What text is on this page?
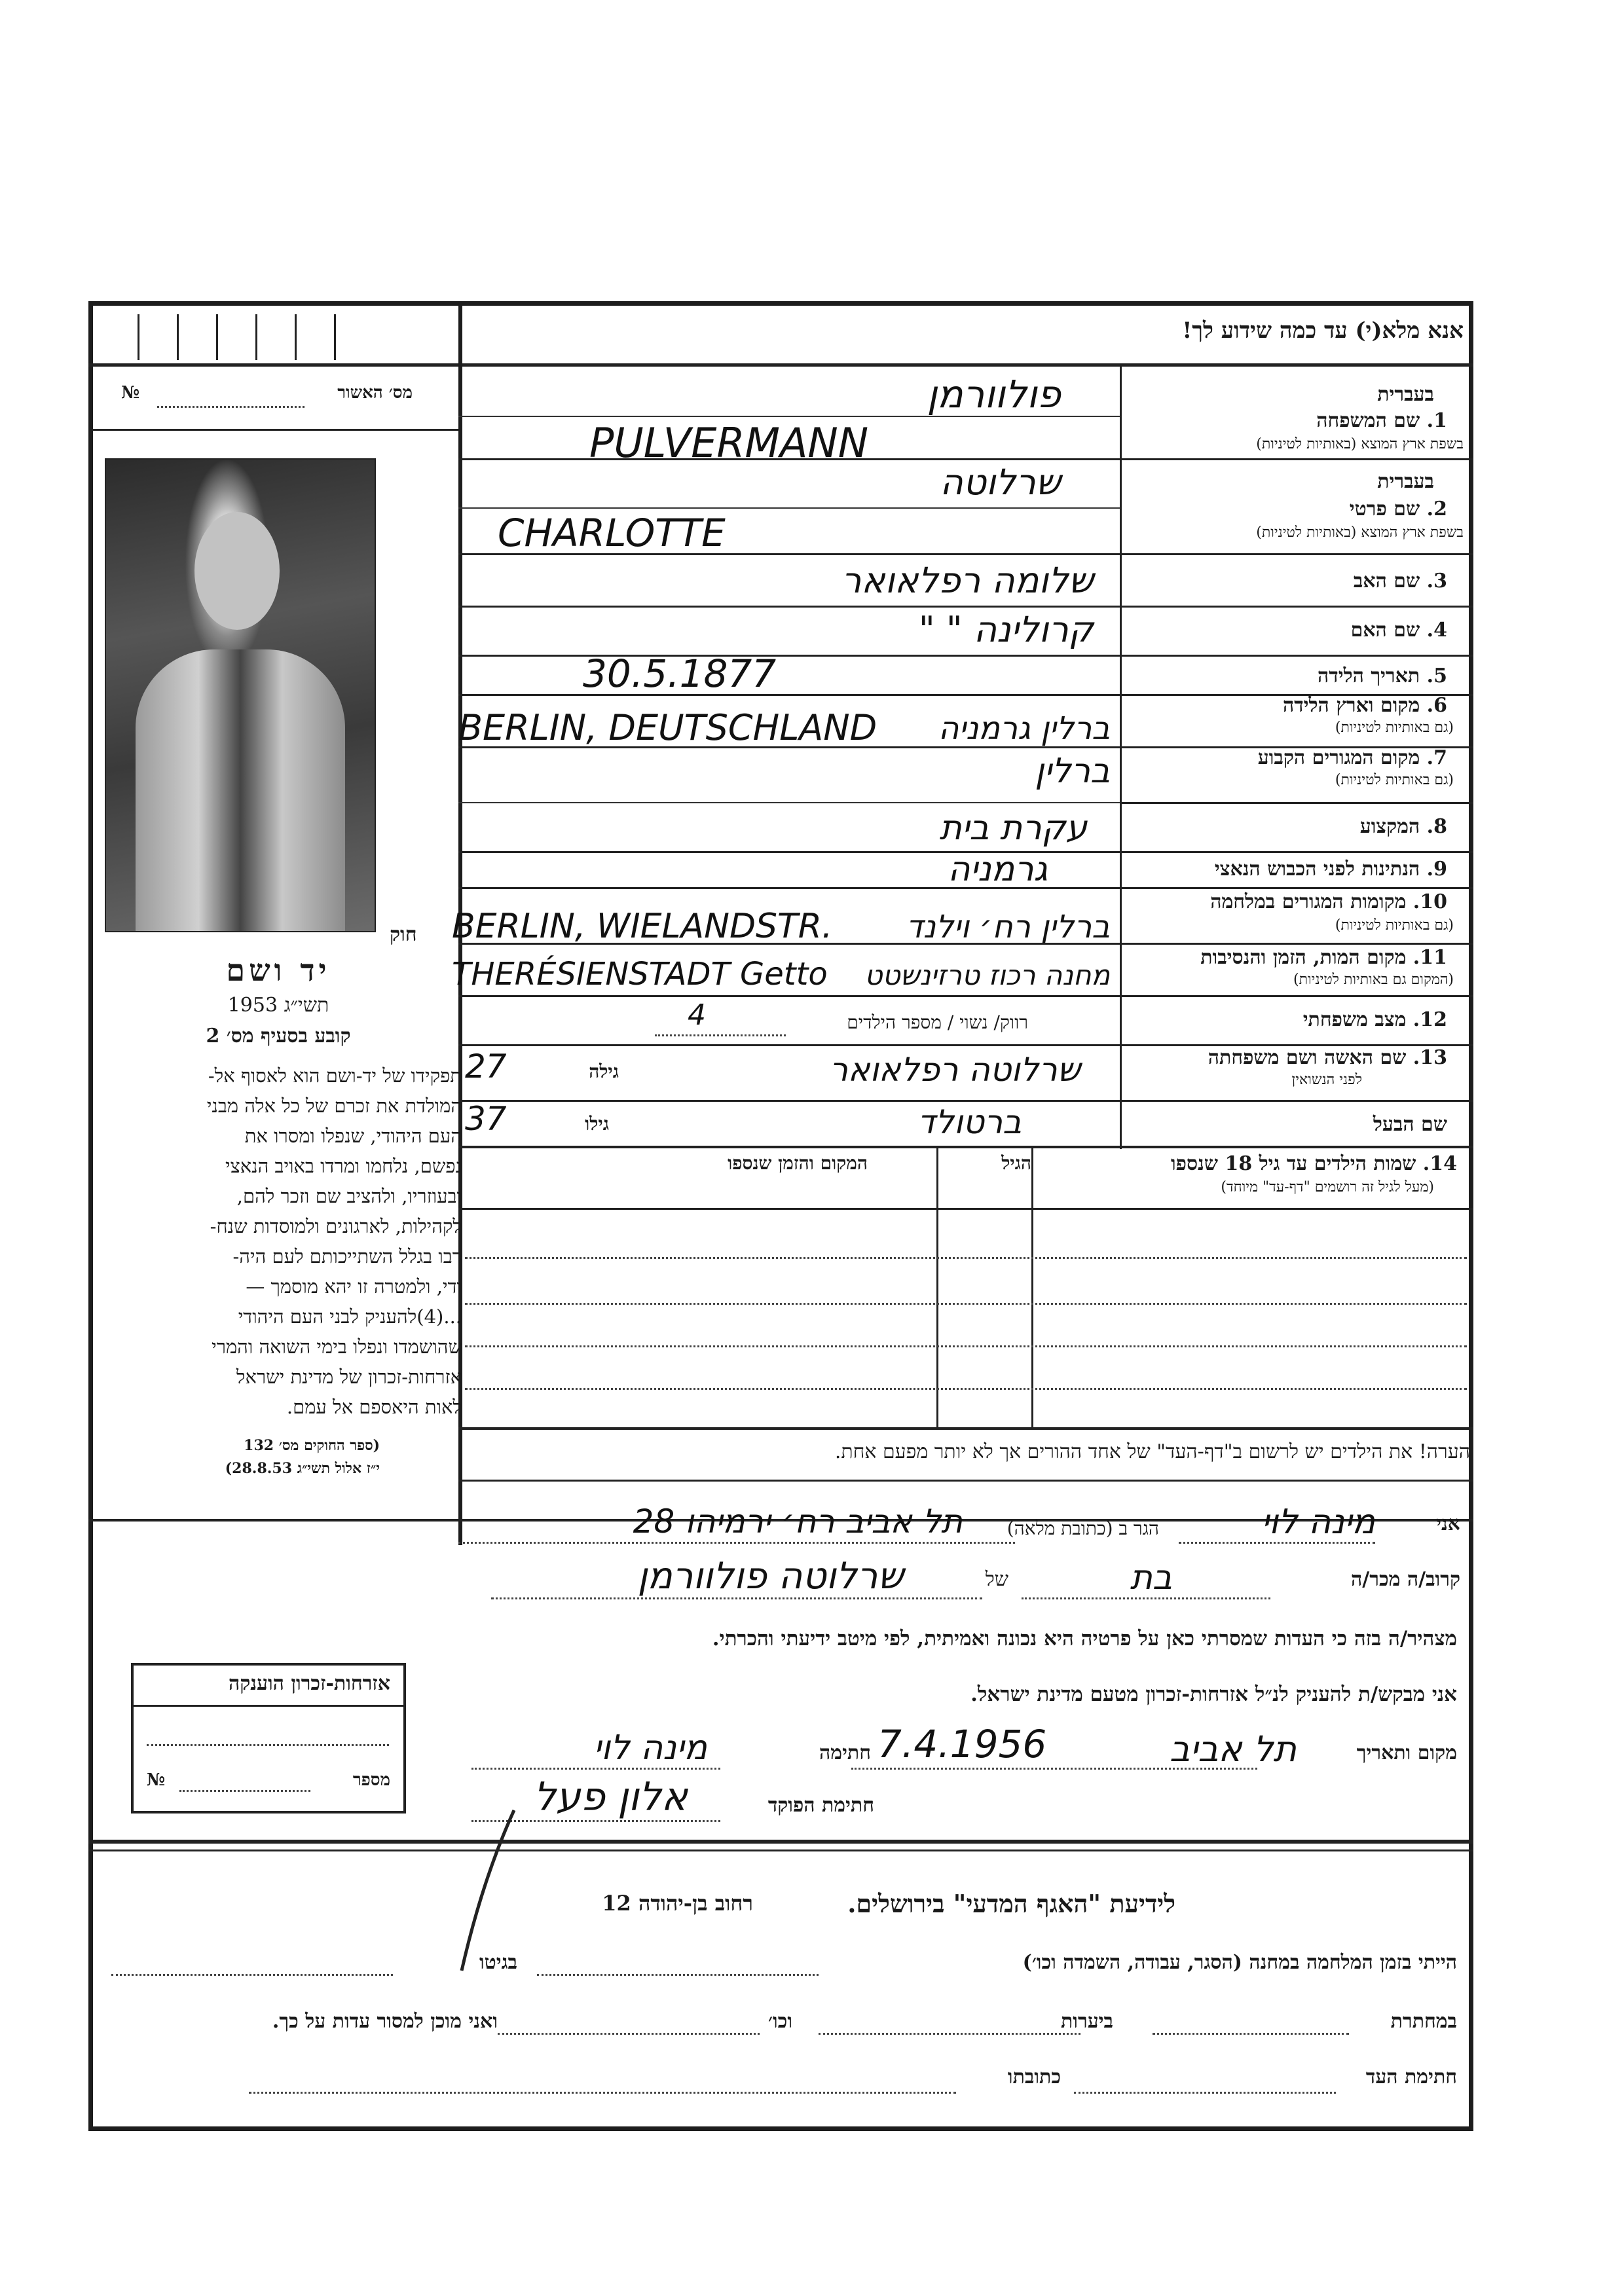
אנא מלא(י) עד כמה שידוע לך!
מס׳ האשור
№
חוק
יד ושם
תשי״ג 1953
קובע בסעיף מס׳ 2
תפקידו של יד-ושם הוא לאסוף אל-
המולדת את זכרם של כל אלה מבני
העם היהודי, שנפלו ומסרו את
נפשם, נלחמו ומרדו באויב הנאצי
ובעוזריו, ולהציב שם וזכר להם,
לקהילות, לארגונים ולמוסדות שנח-
רבו בגלל השתייכותם לעם היה-
ודי, ולמטרה זו יהא מוסמך —
...(4)להעניק לבני העם היהודי
שהושמדו ונפלו בימי השואה והמרי
אזרחות-זכרון של מדינת ישראל
לאות היאספם אל עמם.
(ספר החוקים מס׳ 132
י״ז אלול תשי״ג 28.8.53)
בעברית
1. שם המשפחה
בשפת ארץ המוצא (באותיות לטיניות)
פולוורמן
PULVERMANN
בעברית
2. שם פרטי
בשפת ארץ המוצא (באותיות לטיניות)
שרלוטה
CHARLOTTE
3. שם האב
שלומה רפלאואר
4. שם האם
קרולינה " "
5. תאריך הלידה
30.5.1877
6. מקום וארץ הלידה
(גם באותיות לטיניות)
BERLIN, DEUTSCHLAND ברלין גרמניה
7. מקום המגורים הקבוע
(גם באותיות לטיניות)
ברלין
8. המקצוע
עקרת בית
9. הנתינות לפני הכבוש הנאצי
גרמניה
10. מקומות המגורים במלחמה
(גם באותיות לטיניות)
BERLIN, WIELANDSTR. ברלין רח׳ וילנד
11. מקום המות, הזמן והנסיבות
(המקום גם באותיות לטיניות)
THERÉSIENSTADT Getto מחנה רכוז טרזינשטט
12. מצב משפחתי
רווק/ נשוי / מספר הילדים
4
13. שם האשה ושם משפחתה
לפני הנשואין
גילה
27	שרלוטה רפלאואר
שם הבעל
גילו
37	ברטולד
14. שמות הילדים עד גיל 18 שנספו
(מעל לגיל זה רושמים "דף-עד" מיוחד)
הגיל
המקום והזמן שנספו
הערה! את הילדים יש לרשום ב"דף-העד" של אחד ההורים אך לא יותר מפעם אחת.
אני
מינה לוי
הגר ב (כתובת מלאה)
תל אביב רח׳ ירמיהו 28
קרוב/ה מכר/ה
בת
של
שרלוטה פולוורמן
מצהיר/ה בזה כי העדות שמסרתי כאן על פרטיה היא נכונה ואמיתית, לפי מיטב ידיעתי והכרתי.
אני מבקש/ת להעניק לנ״ל אזרחות-זכרון מטעם מדינת ישראל.
מקום ותאריך
תל אביב
7.4.1956
חתימה
מינה לוי
חתימת הפוקד
אלון פעל
אזרחות-זכרון הוענקה
מספר
№
לידיעת "האגף המדעי" בירושלים.
רחוב בן-יהודה 12
הייתי בזמן המלחמה במחנה (הסגר, עבודה, השמדה וכו׳)
בגיטו
במחתרת
ביערות
וכו׳
ואני מוכן למסור עדות על כך.
חתימת העד
כתובתו
